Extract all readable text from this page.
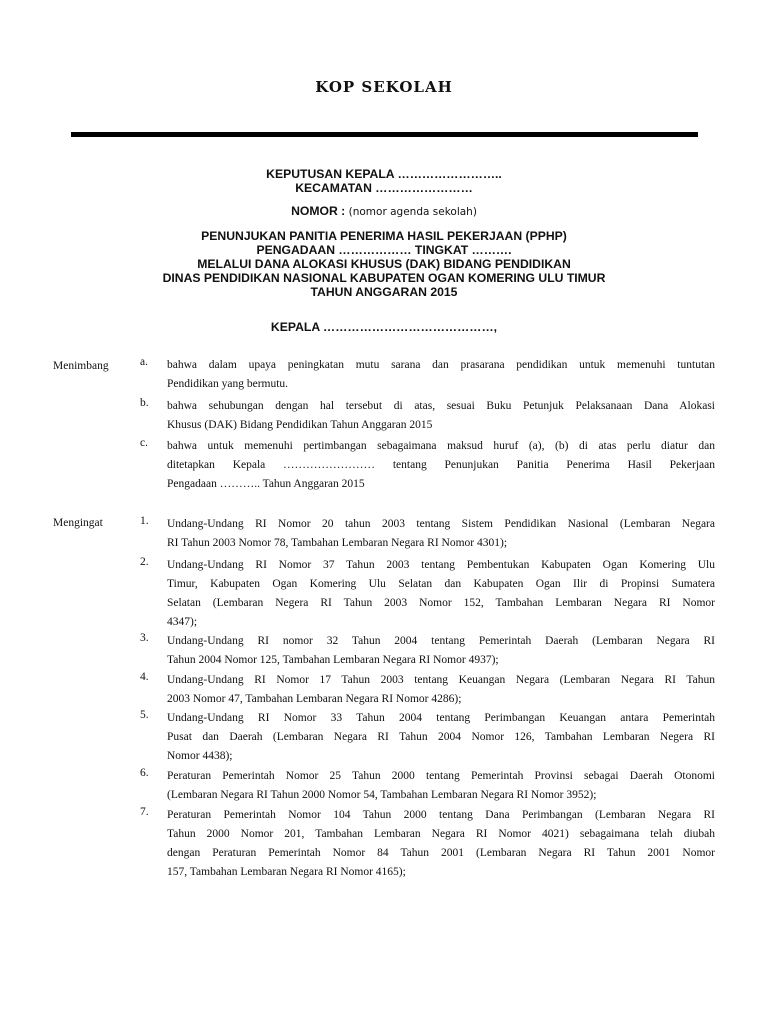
KOP SEKOLAH
KEPUTUSAN KEPALA ……………………..
KECAMATAN ……………………
NOMOR : (nomor agenda sekolah)
PENUNJUKAN PANITIA PENERIMA HASIL PEKERJAAN (PPHP)
PENGADAAN ……………… TINGKAT ……….
MELALUI DANA ALOKASI KHUSUS (DAK) BIDANG PENDIDIKAN
DINAS PENDIDIKAN NASIONAL KABUPATEN OGAN KOMERING ULU TIMUR
TAHUN ANGGARAN 2015
KEPALA ……………………………………,
Menimbang	a. bahwa dalam upaya peningkatan mutu sarana dan prasarana pendidikan untuk memenuhi tuntutan
Pendidikan yang bermutu.
b. bahwa sehubungan dengan hal tersebut di atas, sesuai Buku Petunjuk Pelaksanaan Dana Alokasi
Khusus (DAK) Bidang Pendidikan Tahun Anggaran 2015
c. bahwa untuk memenuhi pertimbangan sebagaimana maksud huruf (a), (b) di atas perlu diatur dan
ditetapkan Kepala …………………… tentang Penunjukan Panitia Penerima Hasil Pekerjaan
Pengadaan ……….. Tahun Anggaran 2015
Mengingat	1. Undang-Undang RI Nomor 20 tahun 2003 tentang Sistem Pendidikan Nasional (Lembaran Negara
RI Tahun 2003 Nomor 78, Tambahan Lembaran Negara RI Nomor 4301);
2. Undang-Undang RI Nomor 37 Tahun 2003 tentang Pembentukan Kabupaten Ogan Komering Ulu
Timur, Kabupaten Ogan Komering Ulu Selatan dan Kabupaten Ogan Ilir di Propinsi Sumatera
Selatan (Lembaran Negera RI Tahun 2003 Nomor 152, Tambahan Lembaran Negara RI Nomor
4347);
3. Undang-Undang RI nomor 32 Tahun 2004 tentang Pemerintah Daerah (Lembaran Negara RI
Tahun 2004 Nomor 125, Tambahan Lembaran Negara RI Nomor 4937);
4. Undang-Undang RI Nomor 17 Tahun 2003 tentang Keuangan Negara (Lembaran Negara RI Tahun
2003 Nomor 47, Tambahan Lembaran Negara RI Nomor 4286);
5. Undang-Undang RI Nomor 33 Tahun 2004 tentang Perimbangan Keuangan antara Pemerintah
Pusat dan Daerah (Lembaran Negara RI Tahun 2004 Nomor 126, Tambahan Lembaran Negera RI
Nomor 4438);
6. Peraturan Pemerintah Nomor 25 Tahun 2000 tentang Pemerintah Provinsi sebagai Daerah Otonomi
(Lembaran Negara RI Tahun 2000 Nomor 54, Tambahan Lembaran Negara RI Nomor 3952);
7. Peraturan Pemerintah Nomor 104 Tahun 2000 tentang Dana Perimbangan (Lembaran Negara RI
Tahun 2000 Nomor 201, Tambahan Lembaran Negara RI Nomor 4021) sebagaimana telah diubah
dengan Peraturan Pemerintah Nomor 84 Tahun 2001 (Lembaran Negara RI Tahun 2001 Nomor
157, Tambahan Lembaran Negara RI Nomor 4165);
